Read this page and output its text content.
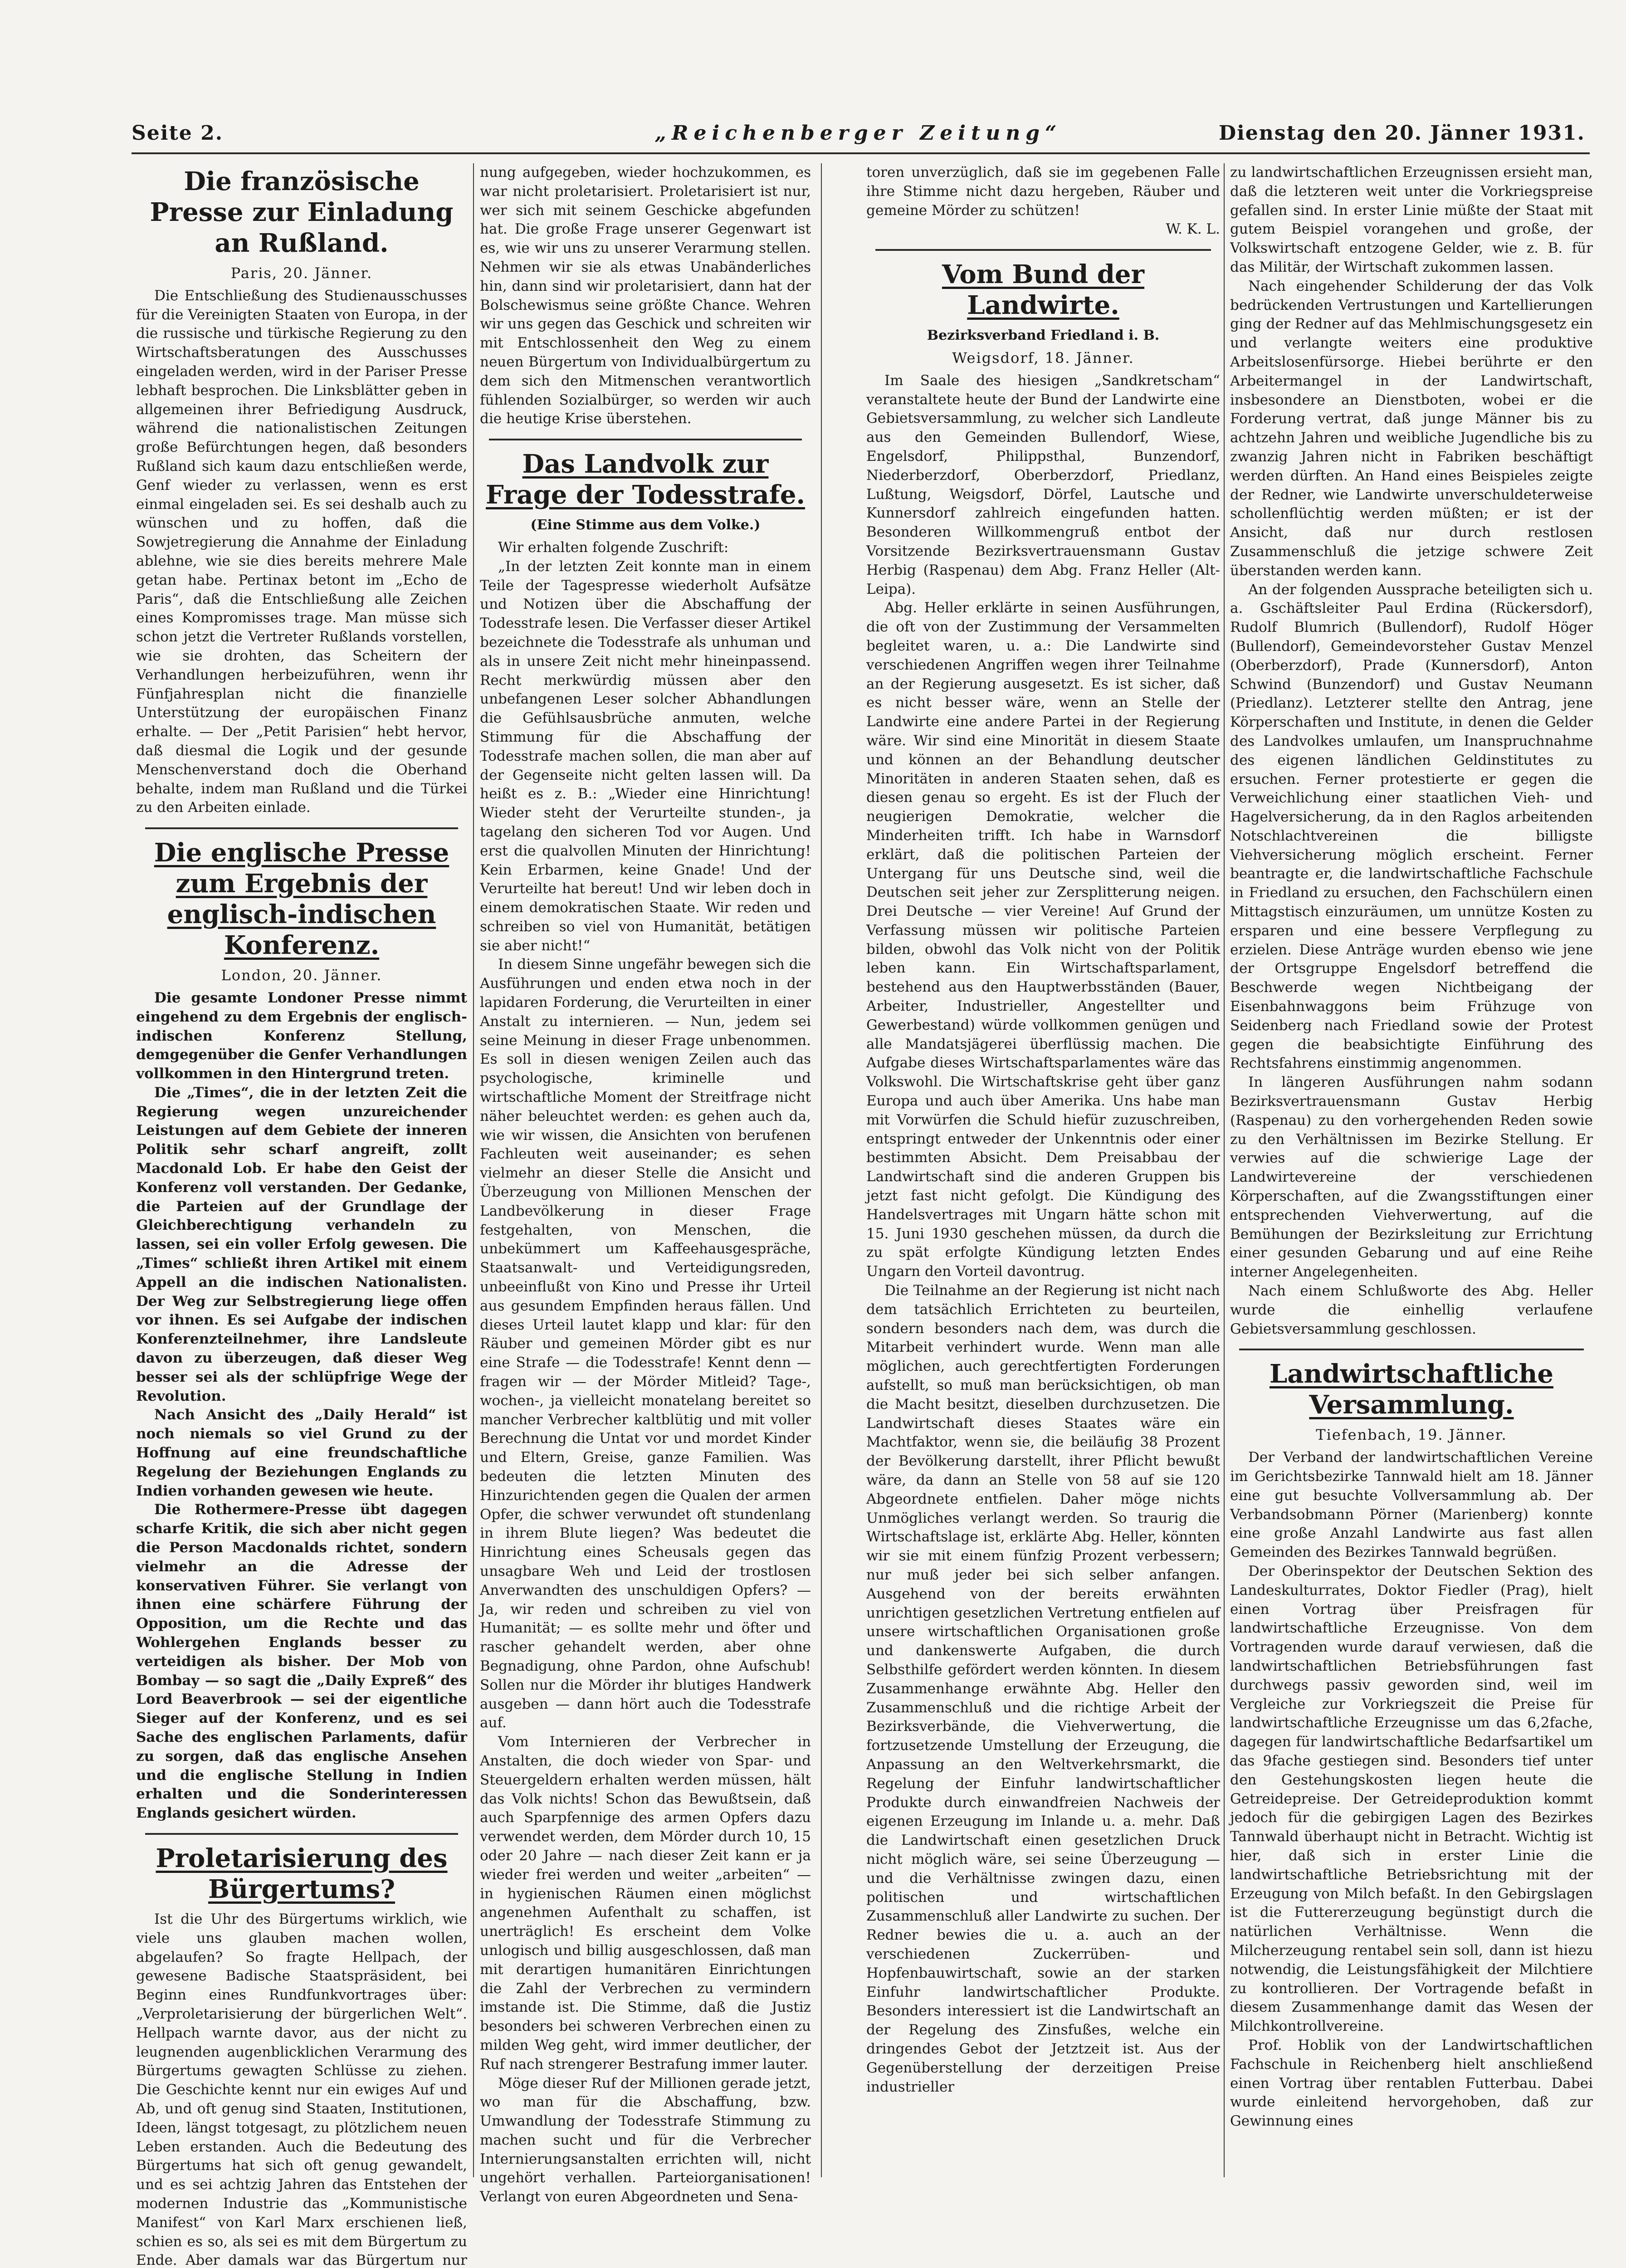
Seite 2.	„Reichenberger Zeitung“	Dienstag den 20. Jänner 1931.
Die französische Presse zur Einladung an Rußland.
Paris, 20. Jänner.

Die Entschließung des Studienausschusses für die Vereinigten Staaten von Europa, in der die russische und türkische Regierung zu den Wirtschaftsberatungen des Ausschusses eingeladen werden, wird in der Pariser Presse lebhaft besprochen. Die Linksblätter geben in allgemeinen ihrer Befriedigung Ausdruck, während die nationalistischen Zeitungen große Befürchtungen hegen, daß besonders Rußland sich kaum dazu entschließen werde, Genf wieder zu verlassen, wenn es erst einmal eingeladen sei. Es sei deshalb auch zu wünschen und zu hoffen, daß die Sowjetregierung die Annahme der Einladung ablehne, wie sie dies bereits mehrere Male getan habe. Pertinax betont im „Echo de Paris“, daß die Entschließung alle Zeichen eines Kompromisses trage. Man müsse sich schon jetzt die Vertreter Rußlands vorstellen, wie sie drohten, das Scheitern der Verhandlungen herbeizuführen, wenn ihr Fünfjahresplan nicht die finanzielle Unterstützung der europäischen Finanz erhalte. — Der „Petit Parisien“ hebt hervor, daß diesmal die Logik und der gesunde Menschenverstand doch die Oberhand behalte, indem man Rußland und die Türkei zu den Arbeiten einlade.

Die englische Presse zum Ergebnis der englisch-indischen Konferenz.
London, 20. Jänner.

Die gesamte Londoner Presse nimmt eingehend zu dem Ergebnis der englisch-indischen Konferenz Stellung, demgegenüber die Genfer Verhandlungen vollkommen in den Hintergrund treten.

Die „Times“, die in der letzten Zeit die Regierung wegen unzureichender Leistungen auf dem Gebiete der inneren Politik sehr scharf angreift, zollt Macdonald Lob. Er habe den Geist der Konferenz voll verstanden. Der Gedanke, die Parteien auf der Grundlage der Gleichberechtigung verhandeln zu lassen, sei ein voller Erfolg gewesen. Die „Times“ schließt ihren Artikel mit einem Appell an die indischen Nationalisten. Der Weg zur Selbstregierung liege offen vor ihnen. Es sei Aufgabe der indischen Konferenzteilnehmer, ihre Landsleute davon zu überzeugen, daß dieser Weg besser sei als der schlüpfrige Wege der Revolution.

Nach Ansicht des „Daily Herald“ ist noch niemals so viel Grund zu der Hoffnung auf eine freundschaftliche Regelung der Beziehungen Englands zu Indien vorhanden gewesen wie heute.

Die Rothermere-Presse übt dagegen scharfe Kritik, die sich aber nicht gegen die Person Macdonalds richtet, sondern vielmehr an die Adresse der konservativen Führer. Sie verlangt von ihnen eine schärfere Führung der Opposition, um die Rechte und das Wohlergehen Englands besser zu verteidigen als bisher. Der Mob von Bombay — so sagt die „Daily Expreß“ des Lord Beaverbrook — sei der eigentliche Sieger auf der Konferenz, und es sei Sache des englischen Parlaments, dafür zu sorgen, daß das englische Ansehen und die englische Stellung in Indien erhalten und die Sonderinteressen Englands gesichert würden.

Proletarisierung des Bürgertums?

Ist die Uhr des Bürgertums wirklich, wie viele uns glauben machen wollen, abgelaufen? So fragte Hellpach, der gewesene Badische Staatspräsident, bei Beginn eines Rundfunkvortrages über: „Verproletarisierung der bürgerlichen Welt“. Hellpach warnte davor, aus der nicht zu leugnenden augenblicklichen Verarmung des Bürgertums gewagten Schlüsse zu ziehen. Die Geschichte kennt nur ein ewiges Auf und Ab, und oft genug sind Staaten, Institutionen, Ideen, längst totgesagt, zu plötzlichem neuen Leben erstanden. Auch die Bedeutung des Bürgertums hat sich oft genug gewandelt, und es sei achtzig Jahren das Entstehen der modernen Industrie das „Kommunistische Manifest“ von Karl Marx erschienen ließ, schien es so, als sei es mit dem Bürgertum zu Ende. Aber damals war das Bürgertum nur

nung aufgegeben, wieder hochzukommen, es war nicht proletarisiert. Proletarisiert ist nur, wer sich mit seinem Geschicke abgefunden hat. Die große Frage unserer Gegenwart ist es, wie wir uns zu unserer Verarmung stellen. Nehmen wir sie als etwas Unabänderliches hin, dann sind wir proletarisiert, dann hat der Bolschewismus seine größte Chance. Wehren wir uns gegen das Geschick und schreiten wir mit Entschlossenheit den Weg zu einem neuen Bürgertum von Individualbürgertum zu dem sich den Mitmenschen verantwortlich fühlenden Sozialbürger, so werden wir auch die heutige Krise überstehen.

Das Landvolk zur Frage der Todesstrafe.
(Eine Stimme aus dem Volke.)

Wir erhalten folgende Zuschrift:

„In der letzten Zeit konnte man in einem Teile der Tagespresse wiederholt Aufsätze und Notizen über die Abschaffung der Todesstrafe lesen. Die Verfasser dieser Artikel bezeichnete die Todesstrafe als unhuman und als in unsere Zeit nicht mehr hineinpassend. Recht merkwürdig müssen aber den unbefangenen Leser solcher Abhandlungen die Gefühlsausbrüche anmuten, welche Stimmung für die Abschaffung der Todesstrafe machen sollen, die man aber auf der Gegenseite nicht gelten lassen will. Da heißt es z. B.: „Wieder eine Hinrichtung! Wieder steht der Verurteilte stunden-, ja tagelang den sicheren Tod vor Augen. Und erst die qualvollen Minuten der Hinrichtung! Kein Erbarmen, keine Gnade! Und der Verurteilte hat bereut! Und wir leben doch in einem demokratischen Staate. Wir reden und schreiben so viel von Humanität, betätigen sie aber nicht!“

In diesem Sinne ungefähr bewegen sich die Ausführungen und enden etwa noch in der lapidaren Forderung, die Verurteilten in einer Anstalt zu internieren. — Nun, jedem sei seine Meinung in dieser Frage unbenommen. Es soll in diesen wenigen Zeilen auch das psychologische, kriminelle und wirtschaftliche Moment der Streitfrage nicht näher beleuchtet werden: es gehen auch da, wie wir wissen, die Ansichten von berufenen Fachleuten weit auseinander; es sehen vielmehr an dieser Stelle die Ansicht und Überzeugung von Millionen Menschen der Landbevölkerung in dieser Frage festgehalten, von Menschen, die unbekümmert um Kaffeehausgespräche, Staatsanwalt- und Verteidigungsreden, unbeeinflußt von Kino und Presse ihr Urteil aus gesundem Empfinden heraus fällen. Und dieses Urteil lautet klapp und klar: für den Räuber und gemeinen Mörder gibt es nur eine Strafe — die Todesstrafe! Kennt denn — fragen wir — der Mörder Mitleid? Tage-, wochen-, ja vielleicht monatelang bereitet so mancher Verbrecher kaltblütig und mit voller Berechnung die Untat vor und mordet Kinder und Eltern, Greise, ganze Familien. Was bedeuten die letzten Minuten des Hinzurichtenden gegen die Qualen der armen Opfer, die schwer verwundet oft stundenlang in ihrem Blute liegen? Was bedeutet die Hinrichtung eines Scheusals gegen das unsagbare Weh und Leid der trostlosen Anverwandten des unschuldigen Opfers? — Ja, wir reden und schreiben zu viel von Humanität; — es sollte mehr und öfter und rascher gehandelt werden, aber ohne Begnadigung, ohne Pardon, ohne Aufschub! Sollen nur die Mörder ihr blutiges Handwerk ausgeben — dann hört auch die Todesstrafe auf.

Vom Internieren der Verbrecher in Anstalten, die doch wieder von Spar- und Steuergeldern erhalten werden müssen, hält das Volk nichts! Schon das Bewußtsein, daß auch Sparpfennige des armen Opfers dazu verwendet werden, dem Mörder durch 10, 15 oder 20 Jahre — nach dieser Zeit kann er ja wieder frei werden und weiter „arbeiten“ — in hygienischen Räumen einen möglichst angenehmen Aufenthalt zu schaffen, ist unerträglich! Es erscheint dem Volke unlogisch und billig ausgeschlossen, daß man mit derartigen humanitären Einrichtungen die Zahl der Verbrechen zu vermindern imstande ist. Die Stimme, daß die Justiz besonders bei schweren Verbrechen einen zu milden Weg geht, wird immer deutlicher, der Ruf nach strengerer Bestrafung immer lauter.

Möge dieser Ruf der Millionen gerade jetzt, wo man für die Abschaffung, bzw. Umwandlung der Todesstrafe Stimmung zu machen sucht und für die Verbrecher Internierungsanstalten errichten will, nicht ungehört verhallen. Parteiorganisationen! Verlangt von euren Abgeordneten und Sena-

toren unverzüglich, daß sie im gegebenen Falle ihre Stimme nicht dazu hergeben, Räuber und gemeine Mörder zu schützen!

W. K. L.
Vom Bund der Landwirte.
Bezirksverband Friedland i. B.
Weigsdorf, 18. Jänner.

Im Saale des hiesigen „Sandkretscham“ veranstaltete heute der Bund der Landwirte eine Gebietsversammlung, zu welcher sich Landleute aus den Gemeinden Bullendorf, Wiese, Engelsdorf, Philippsthal, Bunzendorf, Niederberzdorf, Oberberzdorf, Priedlanz, Lußtung, Weigsdorf, Dörfel, Lautsche und Kunnersdorf zahlreich eingefunden hatten. Besonderen Willkommengruß entbot der Vorsitzende Bezirksvertrauensmann Gustav Herbig (Raspenau) dem Abg. Franz Heller (Alt-Leipa).

Abg. Heller erklärte in seinen Ausführungen, die oft von der Zustimmung der Versammelten begleitet waren, u. a.: Die Landwirte sind verschiedenen Angriffen wegen ihrer Teilnahme an der Regierung ausgesetzt. Es ist sicher, daß es nicht besser wäre, wenn an Stelle der Landwirte eine andere Partei in der Regierung wäre. Wir sind eine Minorität in diesem Staate und können an der Behandlung deutscher Minoritäten in anderen Staaten sehen, daß es diesen genau so ergeht. Es ist der Fluch der neugierigen Demokratie, welcher die Minderheiten trifft. Ich habe in Warnsdorf erklärt, daß die politischen Parteien der Untergang für uns Deutsche sind, weil die Deutschen seit jeher zur Zersplitterung neigen. Drei Deutsche — vier Vereine! Auf Grund der Verfassung müssen wir politische Parteien bilden, obwohl das Volk nicht von der Politik leben kann. Ein Wirtschaftsparlament, bestehend aus den Hauptwerbsständen (Bauer, Arbeiter, Industrieller, Angestellter und Gewerbestand) würde vollkommen genügen und alle Mandatsjägerei überflüssig machen. Die Aufgabe dieses Wirtschaftsparlamentes wäre das Volkswohl. Die Wirtschaftskrise geht über ganz Europa und auch über Amerika. Uns habe man mit Vorwürfen die Schuld hiefür zuzuschreiben, entspringt entweder der Unkenntnis oder einer bestimmten Absicht. Dem Preisabbau der Landwirtschaft sind die anderen Gruppen bis jetzt fast nicht gefolgt. Die Kündigung des Handelsvertrages mit Ungarn hätte schon mit 15. Juni 1930 geschehen müssen, da durch die zu spät erfolgte Kündigung letzten Endes Ungarn den Vorteil davontrug.

Die Teilnahme an der Regierung ist nicht nach dem tatsächlich Errichteten zu beurteilen, sondern besonders nach dem, was durch die Mitarbeit verhindert wurde. Wenn man alle möglichen, auch gerechtfertigten Forderungen aufstellt, so muß man berücksichtigen, ob man die Macht besitzt, dieselben durchzusetzen. Die Landwirtschaft dieses Staates wäre ein Machtfaktor, wenn sie, die beiläufig 38 Prozent der Bevölkerung darstellt, ihrer Pflicht bewußt wäre, da dann an Stelle von 58 auf sie 120 Abgeordnete entfielen. Daher möge nichts Unmögliches verlangt werden. So traurig die Wirtschaftslage ist, erklärte Abg. Heller, könnten wir sie mit einem fünfzig Prozent verbessern; nur muß jeder bei sich selber anfangen. Ausgehend von der bereits erwähnten unrichtigen gesetzlichen Vertretung entfielen auf unsere wirtschaftlichen Organisationen große und dankenswerte Aufgaben, die durch Selbsthilfe gefördert werden könnten. In diesem Zusammenhange erwähnte Abg. Heller den Zusammenschluß und die richtige Arbeit der Bezirksverbände, die Viehverwertung, die fortzusetzende Umstellung der Erzeugung, die Anpassung an den Weltverkehrsmarkt, die Regelung der Einfuhr landwirtschaftlicher Produkte durch einwandfreien Nachweis der eigenen Erzeugung im Inlande u. a. mehr. Daß die Landwirtschaft einen gesetzlichen Druck nicht möglich wäre, sei seine Überzeugung — und die Verhältnisse zwingen dazu, einen politischen und wirtschaftlichen Zusammenschluß aller Landwirte zu suchen. Der Redner bewies die u. a. auch an der verschiedenen Zuckerrüben- und Hopfenbauwirtschaft, sowie an der starken Einfuhr landwirtschaftlicher Produkte. Besonders interessiert ist die Landwirtschaft an der Regelung des Zinsfußes, welche ein dringendes Gebot der Jetztzeit ist. Aus der Gegenüberstellung der derzeitigen Preise industrieller

zu landwirtschaftlichen Erzeugnissen ersieht man, daß die letzteren weit unter die Vorkriegspreise gefallen sind. In erster Linie müßte der Staat mit gutem Beispiel vorangehen und große, der Volkswirtschaft entzogene Gelder, wie z. B. für das Militär, der Wirtschaft zukommen lassen.

Nach eingehender Schilderung der das Volk bedrückenden Vertrustungen und Kartellierungen ging der Redner auf das Mehlmischungsgesetz ein und verlangte weiters eine produktive Arbeitslosenfürsorge. Hiebei berührte er den Arbeitermangel in der Landwirtschaft, insbesondere an Dienstboten, wobei er die Forderung vertrat, daß junge Männer bis zu achtzehn Jahren und weibliche Jugendliche bis zu zwanzig Jahren nicht in Fabriken beschäftigt werden dürften. An Hand eines Beispieles zeigte der Redner, wie Landwirte unverschuldeterweise schollenflüchtig werden müßten; er ist der Ansicht, daß nur durch restlosen Zusammenschluß die jetzige schwere Zeit überstanden werden kann.

An der folgenden Aussprache beteiligten sich u. a. Gschäftsleiter Paul Erdina (Rückersdorf), Rudolf Blumrich (Bullendorf), Rudolf Höger (Bullendorf), Gemeindevorsteher Gustav Menzel (Oberberzdorf), Prade (Kunnersdorf), Anton Schwind (Bunzendorf) und Gustav Neumann (Priedlanz). Letzterer stellte den Antrag, jene Körperschaften und Institute, in denen die Gelder des Landvolkes umlaufen, um Inanspruchnahme des eigenen ländlichen Geldinstitutes zu ersuchen. Ferner protestierte er gegen die Verweichlichung einer staatlichen Vieh- und Hagelversicherung, da in den Raglos arbeitenden Notschlachtvereinen die billigste Viehversicherung möglich erscheint. Ferner beantragte er, die landwirtschaftliche Fachschule in Friedland zu ersuchen, den Fachschülern einen Mittagstisch einzuräumen, um unnütze Kosten zu ersparen und eine bessere Verpflegung zu erzielen. Diese Anträge wurden ebenso wie jene der Ortsgruppe Engelsdorf betreffend die Beschwerde wegen Nichtbeigang der Eisenbahnwaggons beim Frühzuge von Seidenberg nach Friedland sowie der Protest gegen die beabsichtigte Einführung des Rechtsfahrens einstimmig angenommen.

In längeren Ausführungen nahm sodann Bezirksvertrauensmann Gustav Herbig (Raspenau) zu den vorhergehenden Reden sowie zu den Verhältnissen im Bezirke Stellung. Er verwies auf die schwierige Lage der Landwirtevereine der verschiedenen Körperschaften, auf die Zwangsstiftungen einer entsprechenden Viehverwertung, auf die Bemühungen der Bezirksleitung zur Errichtung einer gesunden Gebarung und auf eine Reihe interner Angelegenheiten.

Nach einem Schlußworte des Abg. Heller wurde die einhellig verlaufene Gebietsversammlung geschlossen.

Landwirtschaftliche Versammlung.
Tiefenbach, 19. Jänner.

Der Verband der landwirtschaftlichen Vereine im Gerichtsbezirke Tannwald hielt am 18. Jänner eine gut besuchte Vollversammlung ab. Der Verbandsobmann Pörner (Marienberg) konnte eine große Anzahl Landwirte aus fast allen Gemeinden des Bezirkes Tannwald begrüßen.

Der Oberinspektor der Deutschen Sektion des Landeskulturrates, Doktor Fiedler (Prag), hielt einen Vortrag über Preisfragen für landwirtschaftliche Erzeugnisse. Von dem Vortragenden wurde darauf verwiesen, daß die landwirtschaftlichen Betriebsführungen fast durchwegs passiv geworden sind, weil im Vergleiche zur Vorkriegszeit die Preise für landwirtschaftliche Erzeugnisse um das 6,2fache, dagegen für landwirtschaftliche Bedarfsartikel um das 9fache gestiegen sind. Besonders tief unter den Gestehungskosten liegen heute die Getreidepreise. Der Getreideproduktion kommt jedoch für die gebirgigen Lagen des Bezirkes Tannwald überhaupt nicht in Betracht. Wichtig ist hier, daß sich in erster Linie die landwirtschaftliche Betriebsrichtung mit der Erzeugung von Milch befaßt. In den Gebirgslagen ist die Futtererzeugung begünstigt durch die natürlichen Verhältnisse. Wenn die Milcherzeugung rentabel sein soll, dann ist hiezu notwendig, die Leistungsfähigkeit der Milchtiere zu kontrollieren. Der Vortragende befaßt in diesem Zusammenhange damit das Wesen der Milchkontrollvereine.

Prof. Hoblik von der Landwirtschaftlichen Fachschule in Reichenberg hielt anschließend einen Vortrag über rentablen Futterbau. Dabei wurde einleitend hervorgehoben, daß zur Gewinnung eines
